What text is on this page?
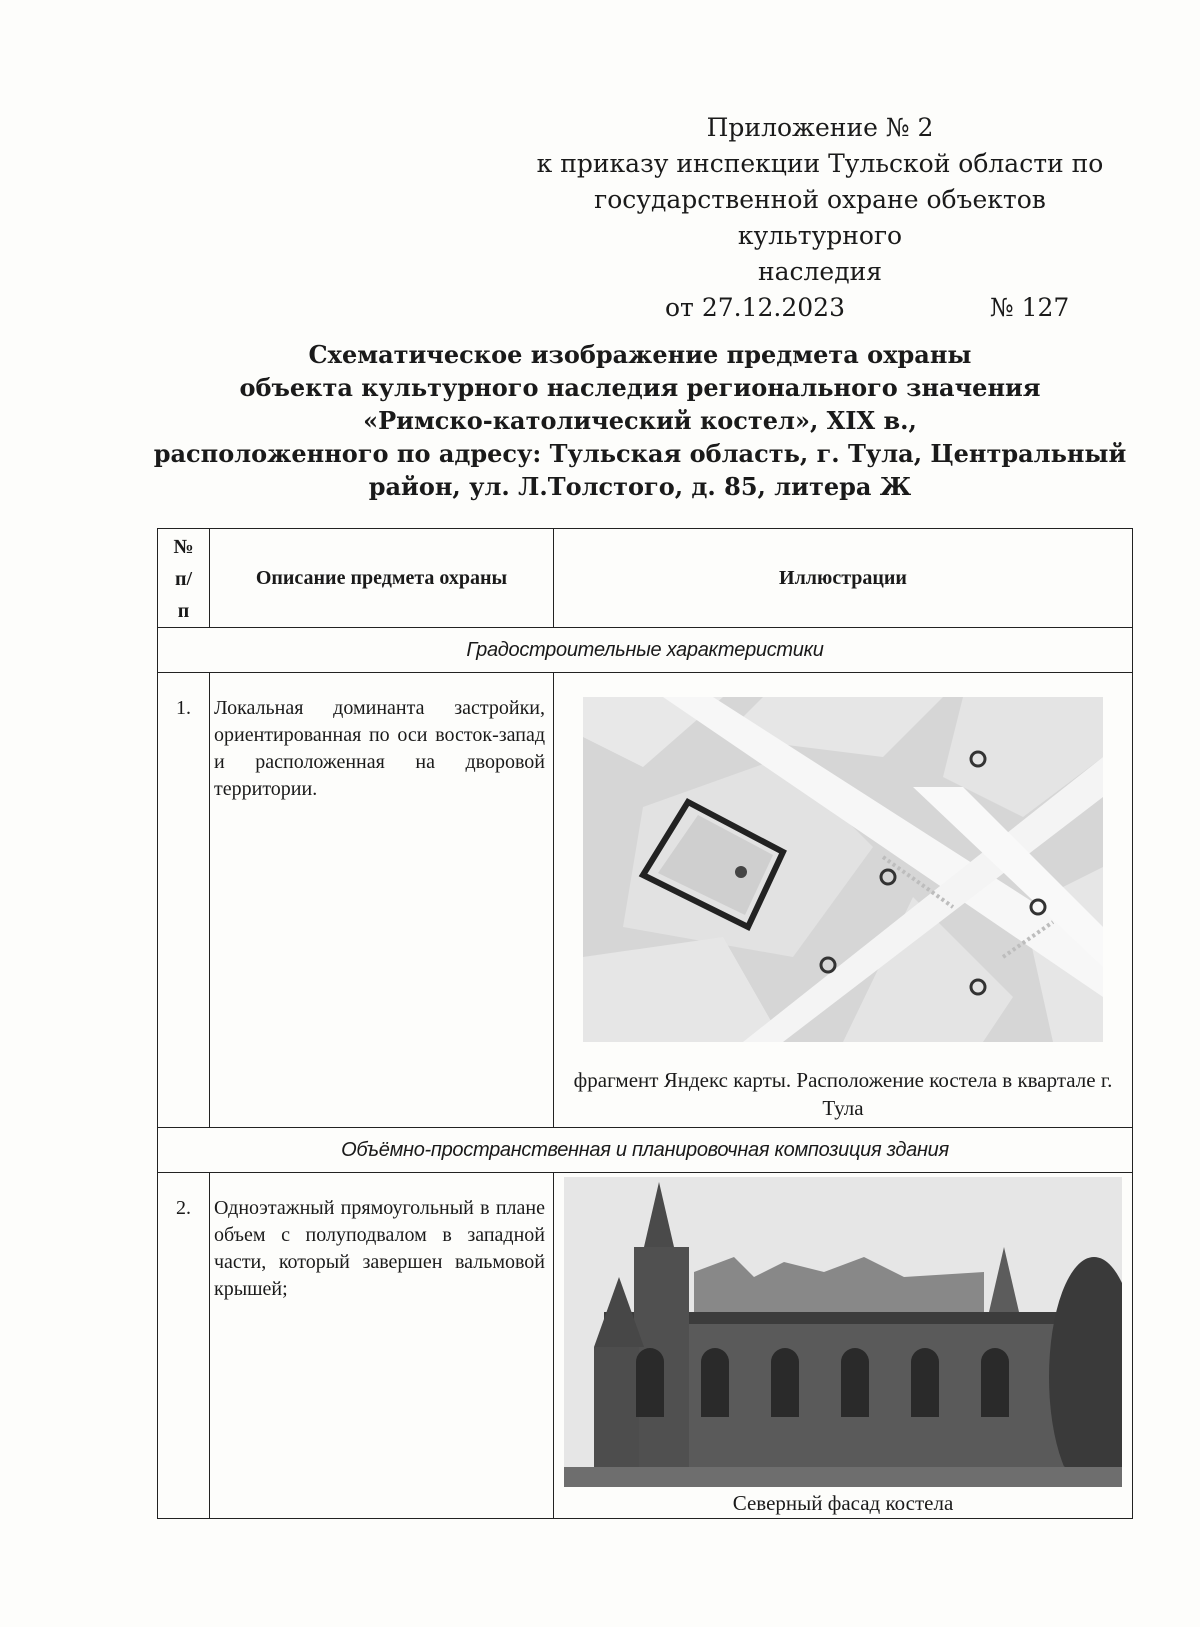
Приложение № 2
к приказу инспекции Тульской области по
государственной охране объектов культурного
наследия
от 27.12.2023	№ 127
Схематическое изображение предмета охраны
объекта культурного наследия регионального значения
«Римско-католический костел», XIX в.,
расположенного по адресу: Тульская область, г. Тула, Центральный
район, ул. Л.Толстого, д. 85, литера Ж
№
п/
п	Описание предмета охраны	Иллюстрации
Градостроительные характеристики		
1.	Локальная доминанта застройки, ориентированная по оси восток-запад и расположенная на дворовой территории.	фрагмент Яндекс карты. Расположение костела в квартале г. Тула

Объёмно-пространственная и планировочная композиция здания		
2.	Одноэтажный прямоугольный в плане объем с полуподвалом в западной части, который завершен вальмовой крышей;	Северный фасад костела
